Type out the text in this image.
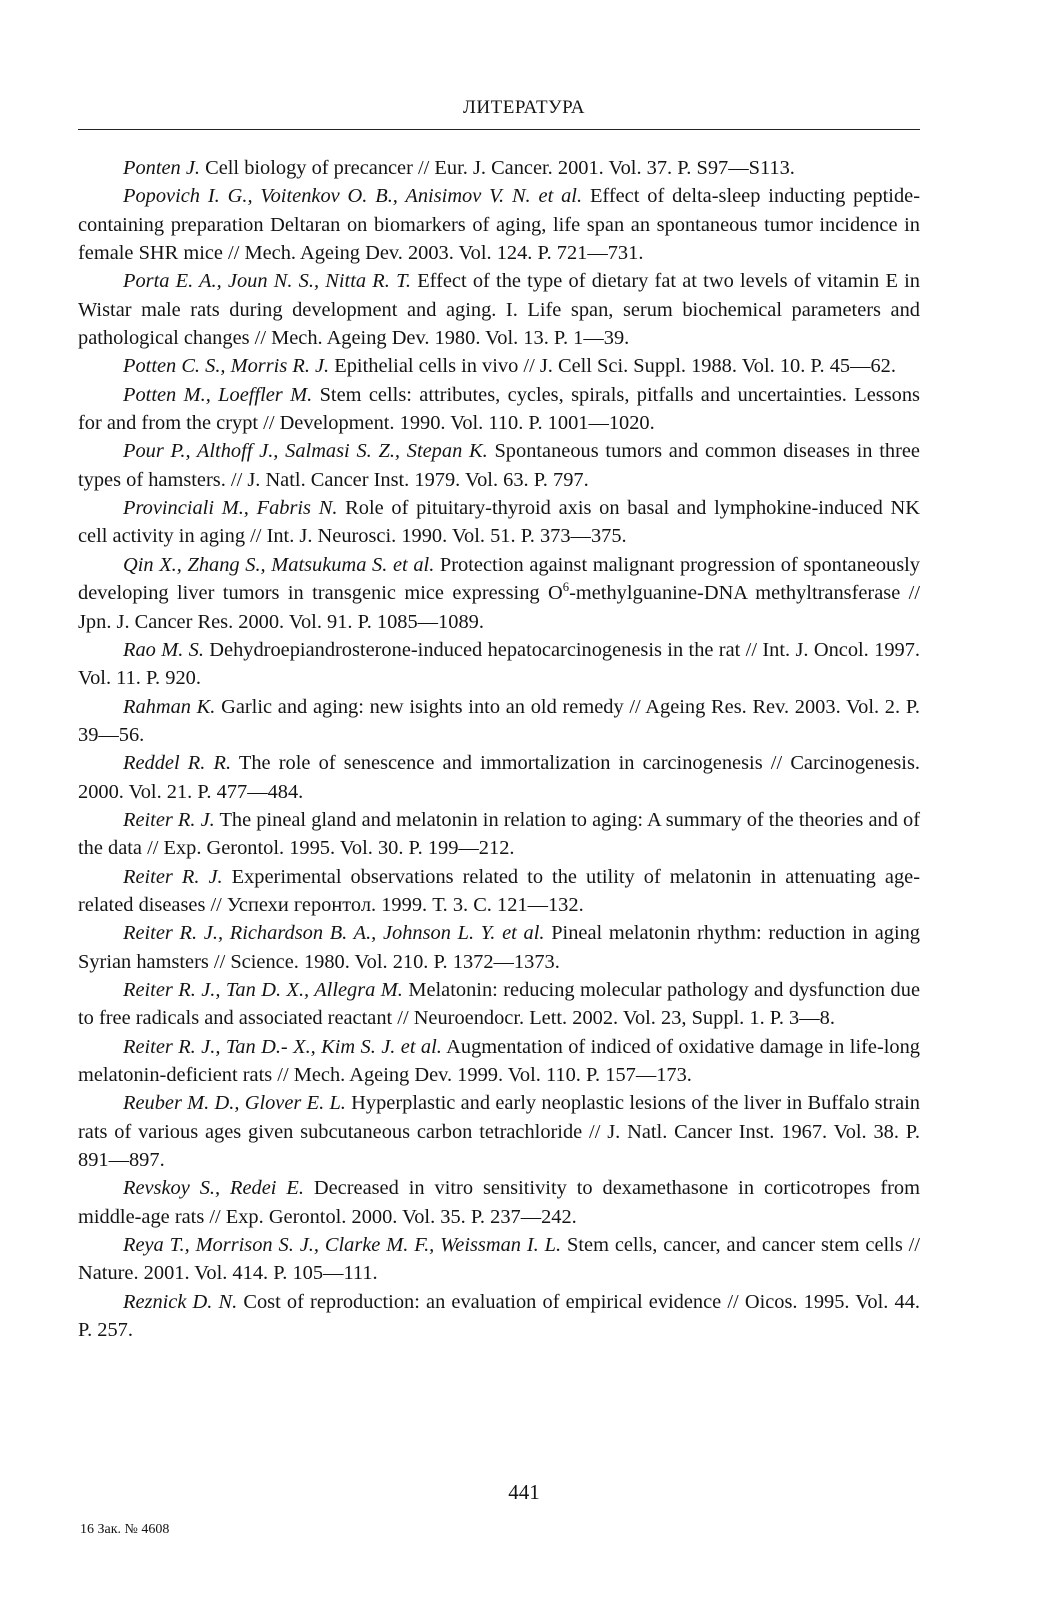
ЛИТЕРАТУРА

Ponten J. Cell biology of precancer // Eur. J. Cancer. 2001. Vol. 37. P. S97—S113.

Popovich I. G., Voitenkov O. B., Anisimov V. N. et al. Effect of delta-sleep inducting peptide-containing preparation Deltaran on biomarkers of aging, life span an spontaneous tumor incidence in female SHR mice // Mech. Ageing Dev. 2003. Vol. 124. P. 721—731.

Porta E. A., Joun N. S., Nitta R. T. Effect of the type of dietary fat at two levels of vitamin E in Wistar male rats during development and aging. I. Life span, serum biochemical parameters and pathological changes // Mech. Ageing Dev. 1980. Vol. 13. P. 1—39.

Potten C. S., Morris R. J. Epithelial cells in vivo // J. Cell Sci. Suppl. 1988. Vol. 10. P. 45—62.

Potten M., Loeffler M. Stem cells: attributes, cycles, spirals, pitfalls and uncertainties. Lessons for and from the crypt // Development. 1990. Vol. 110. P. 1001—1020.

Pour P., Althoff J., Salmasi S. Z., Stepan K. Spontaneous tumors and common diseases in three types of hamsters. // J. Natl. Cancer Inst. 1979. Vol. 63. P. 797.

Provinciali M., Fabris N. Role of pituitary-thyroid axis on basal and lymphokine-induced NK cell activity in aging // Int. J. Neurosci. 1990. Vol. 51. P. 373—375.

Qin X., Zhang S., Matsukuma S. et al. Protection against malignant progression of spontaneously developing liver tumors in transgenic mice expressing $O^6-methylguanine$-DNA methyltransferase // Jpn. J. Cancer Res. 2000. Vol. 91. P. 1085—1089.

Rao M. S. Dehydroepiandrosterone-induced hepatocarcinogenesis in the rat // Int. J. Oncol. 1997. Vol. 11. P. 920.

Rahman K. Garlic and aging: new isights into an old remedy // Ageing Res. Rev. 2003. Vol. 2. P. 39—56.

Reddel R. R. The role of senescence and immortalization in carcinogenesis // Carcinogenesis. 2000. Vol. 21. P. 477—484.

Reiter R. J. The pineal gland and melatonin in relation to aging: A summary of the theories and of the data // Exp. Gerontol. 1995. Vol. 30. P. 199—212.

Reiter R. J. Experimental observations related to the utility of melatonin in attenuating age-related diseases // Успехи геронтол. 1999. Т. 3. С. 121—132.

Reiter R. J., Richardson B. A., Johnson L. Y. et al. Pineal melatonin rhythm: reduction in aging Syrian hamsters // Science. 1980. Vol. 210. P. 1372—1373.

Reiter R. J., Tan D. X., Allegra M. Melatonin: reducing molecular pathology and dysfunction due to free radicals and associated reactant // Neuroendocr. Lett. 2002. Vol. 23, Suppl. 1. P. 3—8.

Reiter R. J., Tan D.- X., Kim S. J. et al. Augmentation of indiced of oxidative damage in life-long melatonin-deficient rats // Mech. Ageing Dev. 1999. Vol. 110. P. 157—173.

Reuber M. D., Glover E. L. Hyperplastic and early neoplastic lesions of the liver in Buffalo strain rats of various ages given subcutaneous carbon tetrachloride // J. Natl. Cancer Inst. 1967. Vol. 38. P. 891—897.

Revskoy S., Redei E. Decreased in vitro sensitivity to dexamethasone in corticotropes from middle-age rats // Exp. Gerontol. 2000. Vol. 35. P. 237—242.

Reya T., Morrison S. J., Clarke M. F., Weissman I. L. Stem cells, cancer, and cancer stem cells // Nature. 2001. Vol. 414. P. 105—111.

Reznick D. N. Cost of reproduction: an evaluation of empirical evidence // Oicos. 1995. Vol. 44. P. 257.

441
16 Зак. № 4608
